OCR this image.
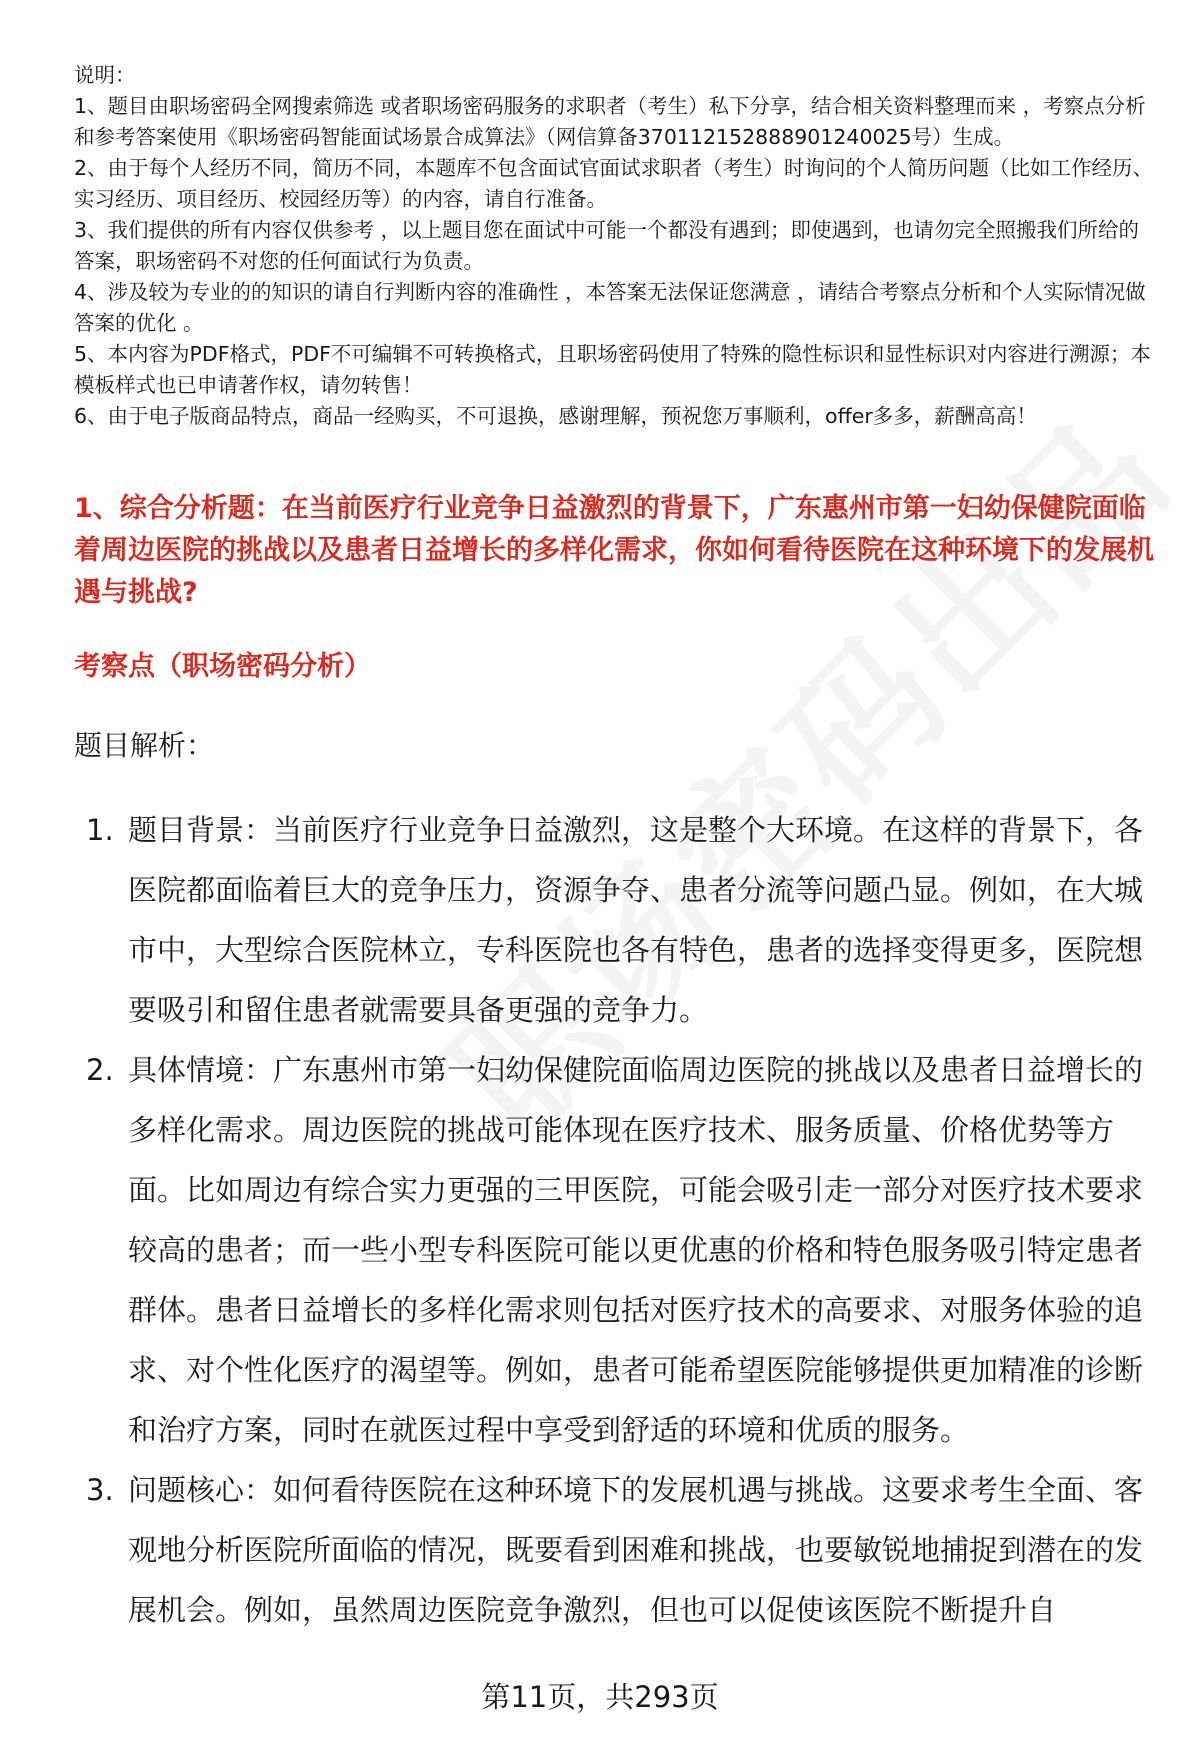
说明：

1、题目由职场密码全网搜索筛选 或者职场密码服务的求职者（考生）私下分享，结合相关资料整理而来 ，考察点分析和参考答案使用《职场密码智能面试场景合成算法》（网信算备370112152888901240025号）生成。

2、由于每个人经历不同，简历不同，本题库不包含面试官面试求职者（考生）时询问的个人简历问题（比如工作经历、实习经历、项目经历、校园经历等）的内容，请自行准备。

3、我们提供的所有内容仅供参考 ，以上题目您在面试中可能一个都没有遇到；即使遇到，也请勿完全照搬我们所给的答案，职场密码不对您的任何面试行为负责。

4、涉及较为专业的的知识的请自行判断内容的准确性 ，本答案无法保证您满意 ，请结合考察点分析和个人实际情况做答案的优化 。

5、本内容为PDF格式，PDF不可编辑不可转换格式，且职场密码使用了特殊的隐性标识和显性标识对内容进行溯源；本模板样式也已申请著作权，请勿转售！

6、由于电子版商品特点，商品一经购买，不可退换，感谢理解，预祝您万事顺利，offer多多，薪酬高高！

1、综合分析题：在当前医疗行业竞争日益激烈的背景下，广东惠州市第一妇幼保健院面临着周边医院的挑战以及患者日益增长的多样化需求，你如何看待医院在这种环境下的发展机遇与挑战?
考察点（职场密码分析）
题目解析：
1. 题目背景：当前医疗行业竞争日益激烈，这是整个大环境。在这样的背景下，各医院都面临着巨大的竞争压力，资源争夺、患者分流等问题凸显。例如，在大城市中，大型综合医院林立，专科医院也各有特色，患者的选择变得更多，医院想要吸引和留住患者就需要具备更强的竞争力。
2. 具体情境：广东惠州市第一妇幼保健院面临周边医院的挑战以及患者日益增长的多样化需求。周边医院的挑战可能体现在医疗技术、服务质量、价格优势等方面。比如周边有综合实力更强的三甲医院，可能会吸引走一部分对医疗技术要求较高的患者；而一些小型专科医院可能以更优惠的价格和特色服务吸引特定患者群体。患者日益增长的多样化需求则包括对医疗技术的高要求、对服务体验的追求、对个性化医疗的渴望等。例如，患者可能希望医院能够提供更加精准的诊断和治疗方案，同时在就医过程中享受到舒适的环境和优质的服务。
3. 问题核心：如何看待医院在这种环境下的发展机遇与挑战。这要求考生全面、客观地分析医院所面临的情况，既要看到困难和挑战，也要敏锐地捕捉到潜在的发展机会。例如，虽然周边医院竞争激烈，但也可以促使该医院不断提升自
第11页，共293页
